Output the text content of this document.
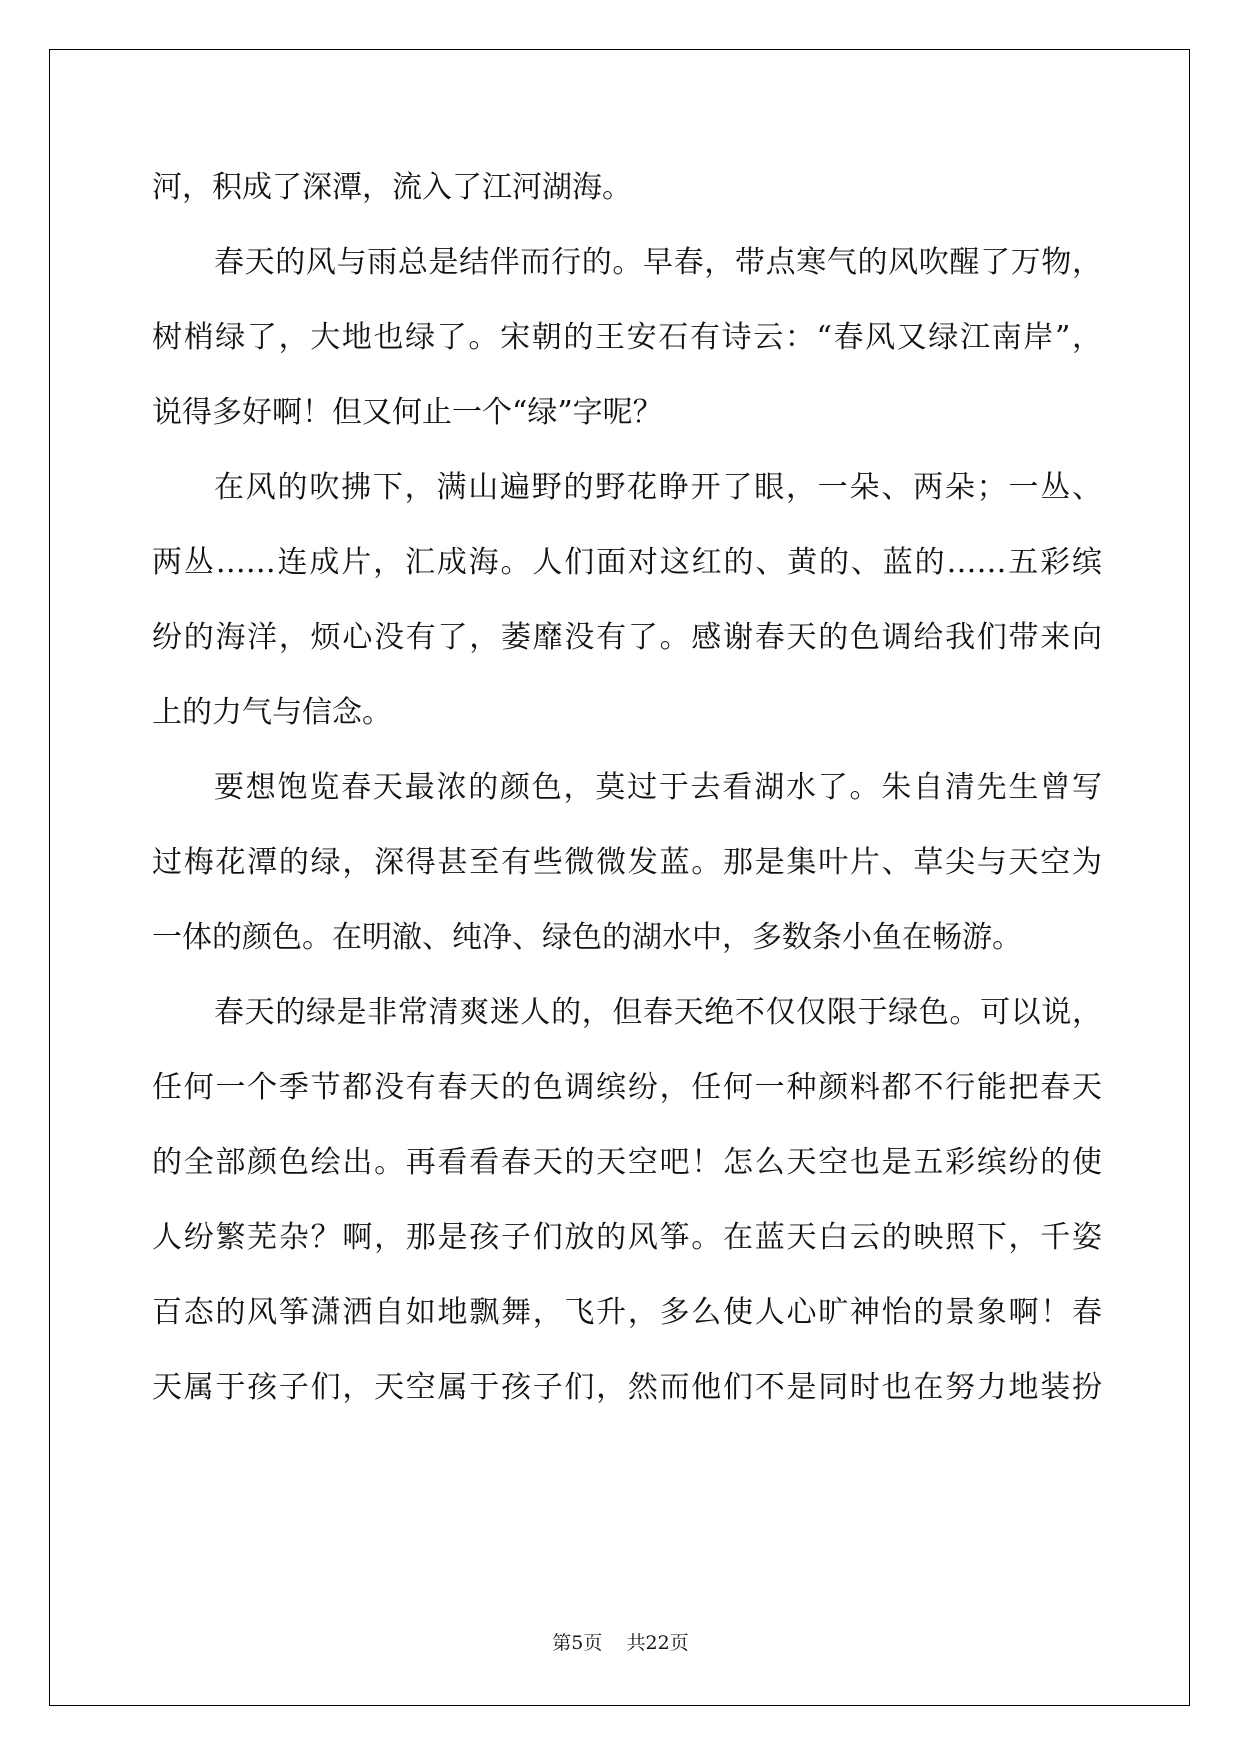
河，积成了深潭，流入了江河湖海。
春天的风与雨总是结伴而行的。早春，带点寒气的风吹醒了万物，
树梢绿了，大地也绿了。宋朝的王安石有诗云：“春风又绿江南岸”，
说得多好啊！但又何止一个“绿”字呢？
在风的吹拂下，满山遍野的野花睁开了眼，一朵、两朵；一丛、
两丛……连成片，汇成海。人们面对这红的、黄的、蓝的……五彩缤
纷的海洋，烦心没有了，萎靡没有了。感谢春天的色调给我们带来向
上的力气与信念。
要想饱览春天最浓的颜色，莫过于去看湖水了。朱自清先生曾写
过梅花潭的绿，深得甚至有些微微发蓝。那是集叶片、草尖与天空为
一体的颜色。在明澈、纯净、绿色的湖水中，多数条小鱼在畅游。
春天的绿是非常清爽迷人的，但春天绝不仅仅限于绿色。可以说，
任何一个季节都没有春天的色调缤纷，任何一种颜料都不行能把春天
的全部颜色绘出。再看看春天的天空吧！怎么天空也是五彩缤纷的使
人纷繁芜杂？啊，那是孩子们放的风筝。在蓝天白云的映照下，千姿
百态的风筝潇洒自如地飘舞，飞升，多么使人心旷神怡的景象啊！春
天属于孩子们，天空属于孩子们，然而他们不是同时也在努力地装扮
第5页 共22页
